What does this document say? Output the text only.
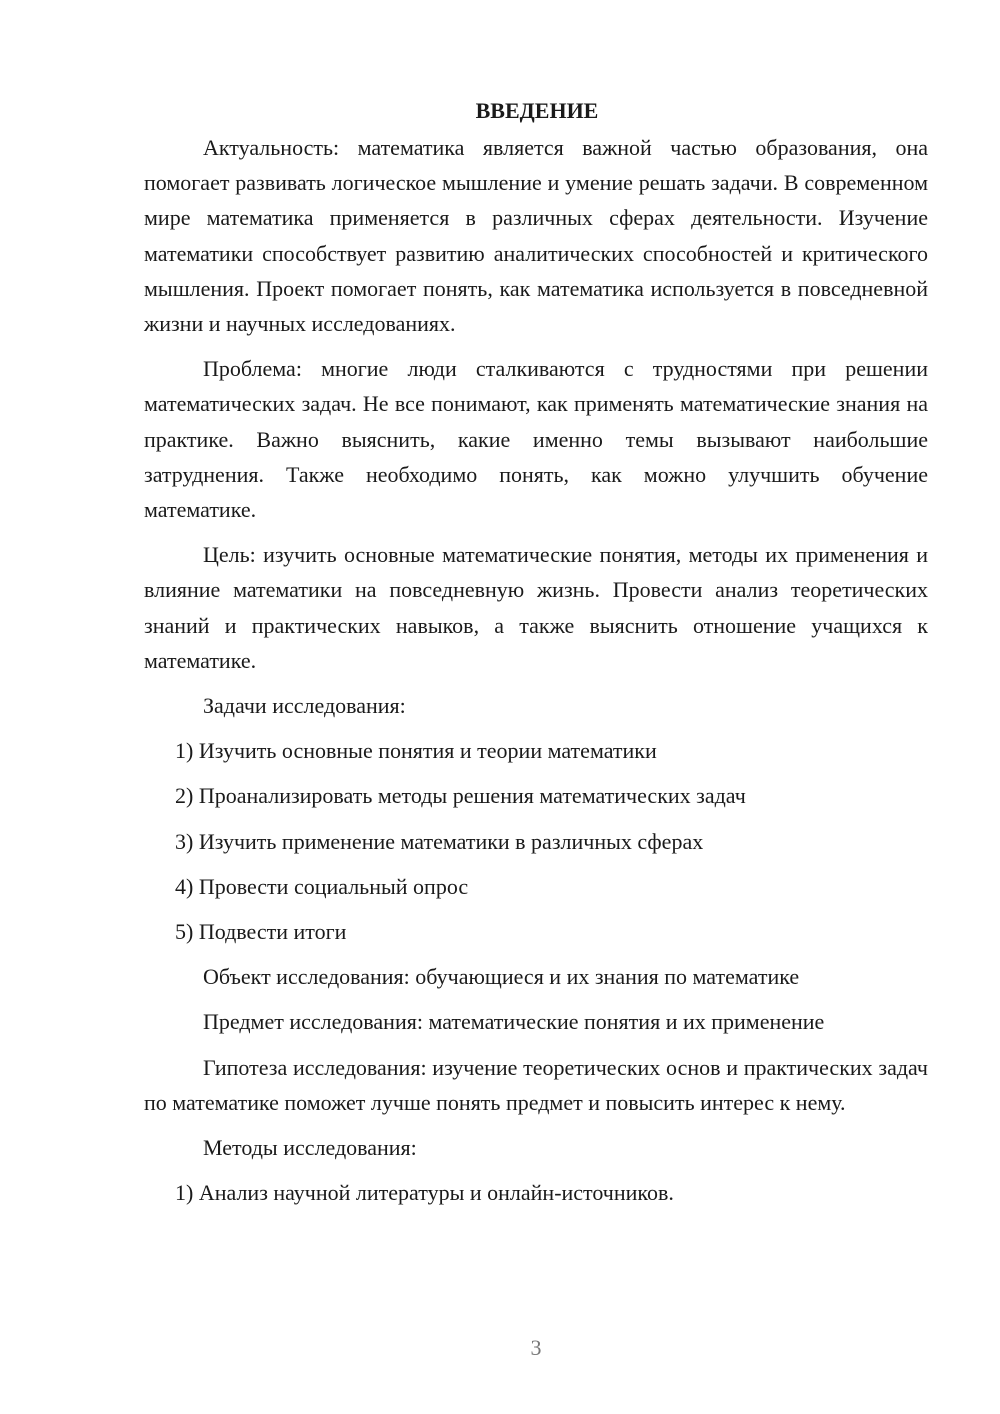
ВВЕДЕНИЕ

Актуальность: математика является важной частью образования, она помогает развивать логическое мышление и умение решать задачи. В современном мире математика применяется в различных сферах деятельности. Изучение математики способствует развитию аналитических способностей и критического мышления. Проект помогает понять, как математика используется в повседневной жизни и научных исследованиях.

Проблема: многие люди сталкиваются с трудностями при решении математических задач. Не все понимают, как применять математические знания на практике. Важно выяснить, какие именно темы вызывают наибольшие затруднения. Также необходимо понять, как можно улучшить обучение математике.

Цель: изучить основные математические понятия, методы их применения и влияние математики на повседневную жизнь. Провести анализ теоретических знаний и практических навыков, а также выяснить отношение учащихся к математике.

Задачи исследования:
1) Изучить основные понятия и теории математики
2) Проанализировать методы решения математических задач
3) Изучить применение математики в различных сферах
4) Провести социальный опрос
5) Подвести итоги
Объект исследования: обучающиеся и их знания по математике
Предмет исследования: математические понятия и их применение

Гипотеза исследования: изучение теоретических основ и практических задач по математике поможет лучше понять предмет и повысить интерес к нему.

Методы исследования:
1) Анализ научной литературы и онлайн-источников.
3
